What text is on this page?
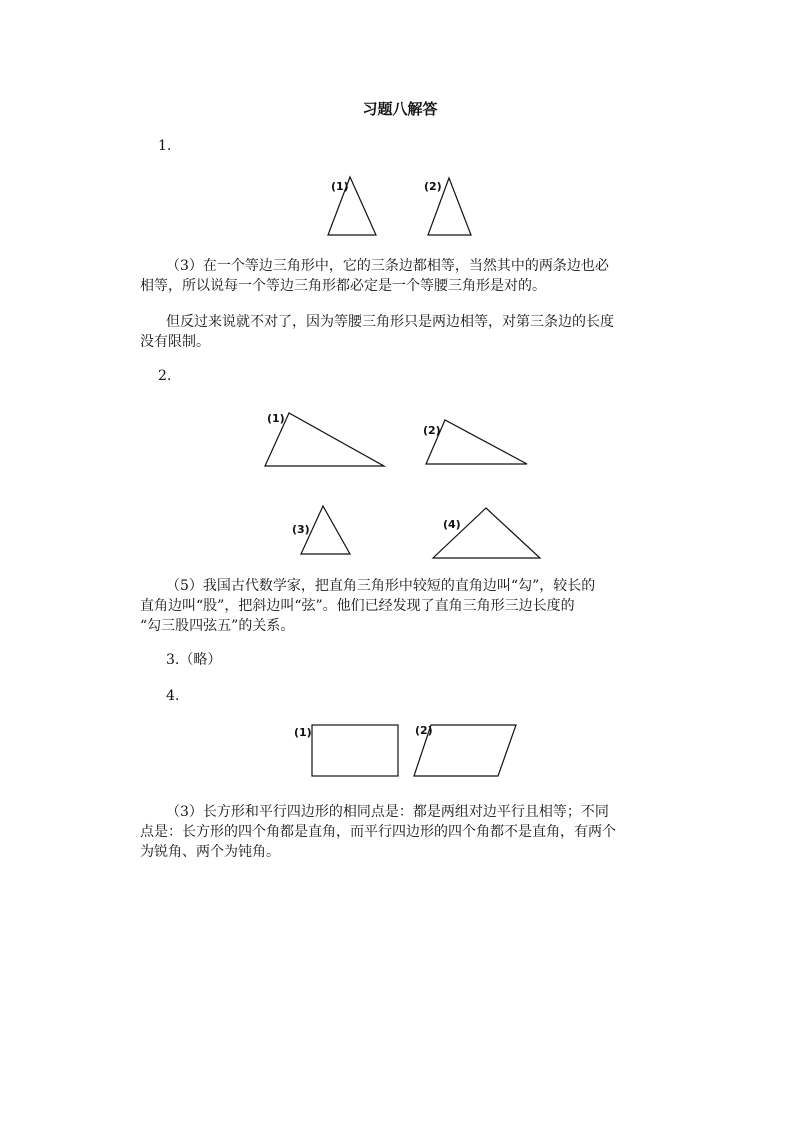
习题八解答
1.
(1)	(2)
（3）在一个等边三角形中，它的三条边都相等，当然其中的两条边也必
相等，所以说每一个等边三角形都必定是一个等腰三角形是对的。
但反过来说就不对了，因为等腰三角形只是两边相等，对第三条边的长度
没有限制。
2.
(1)
(2)
(3)	(4)
（5）我国古代数学家，把直角三角形中较短的直角边叫“勾”，较长的
直角边叫“股”，把斜边叫“弦”。他们已经发现了直角三角形三边长度的
“勾三股四弦五”的关系。
3.（略）
4.
(1)	(2)
（3）长方形和平行四边形的相同点是：都是两组对边平行且相等；不同
点是：长方形的四个角都是直角，而平行四边形的四个角都不是直角，有两个
为锐角、两个为钝角。
